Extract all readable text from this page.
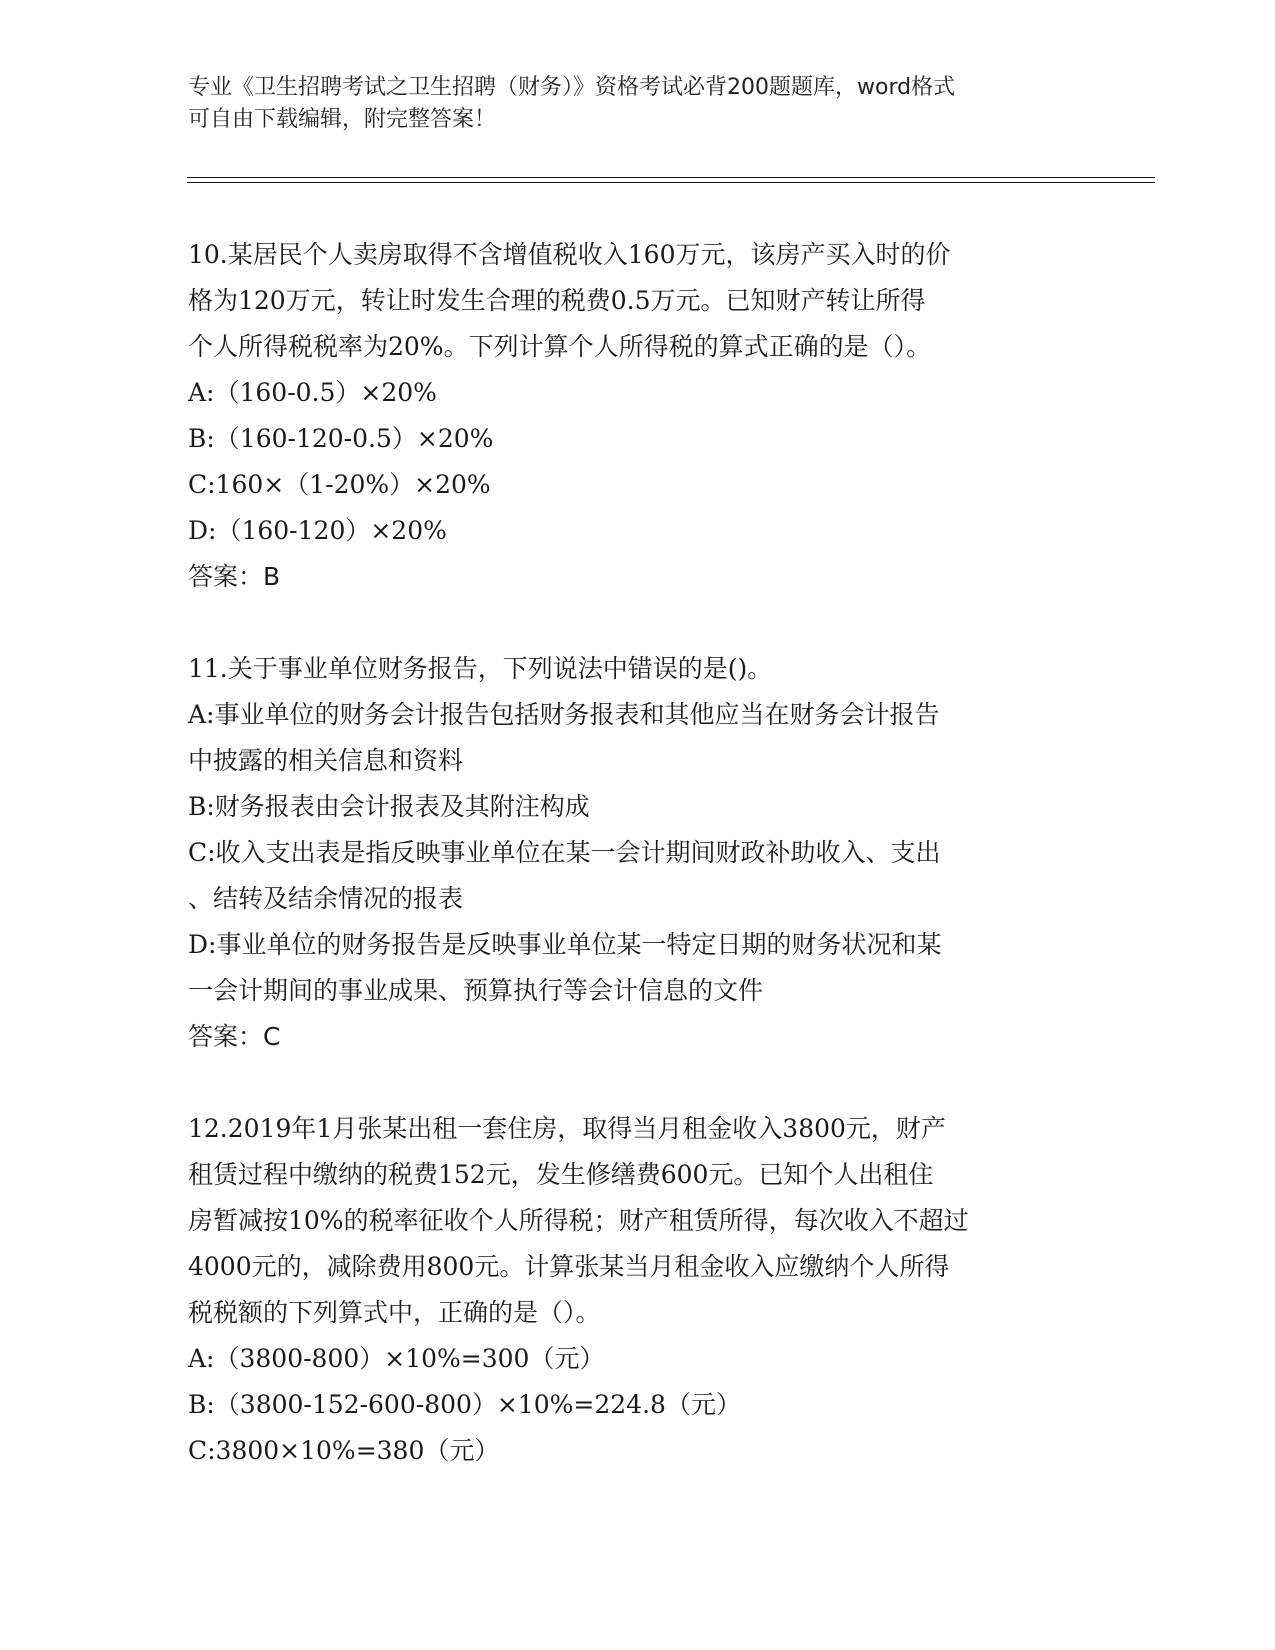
专业《卫生招聘考试之卫生招聘（财务）》资格考试必背200题题库，word格式
可自由下载编辑，附完整答案！
10.某居民个人卖房取得不含增值税收入160万元，该房产买入时的价
格为120万元，转让时发生合理的税费0.5万元。已知财产转让所得
个人所得税税率为20%。下列计算个人所得税的算式正确的是（）。
A:（160-0.5）×20%
B:（160-120-0.5）×20%
C:160×（1-20%）×20%
D:（160-120）×20%
答案：B
11.关于事业单位财务报告，下列说法中错误的是()。
A:事业单位的财务会计报告包括财务报表和其他应当在财务会计报告
中披露的相关信息和资料
B:财务报表由会计报表及其附注构成
C:收入支出表是指反映事业单位在某一会计期间财政补助收入、支出
、结转及结余情况的报表
D:事业单位的财务报告是反映事业单位某一特定日期的财务状况和某
一会计期间的事业成果、预算执行等会计信息的文件
答案：C
12.2019年1月张某出租一套住房，取得当月租金收入3800元，财产
租赁过程中缴纳的税费152元，发生修缮费600元。已知个人出租住
房暂减按10%的税率征收个人所得税；财产租赁所得，每次收入不超过
4000元的，减除费用800元。计算张某当月租金收入应缴纳个人所得
税税额的下列算式中，正确的是（）。
A:（3800-800）×10%=300（元）
B:（3800-152-600-800）×10%=224.8（元）
C:3800×10%=380（元）
